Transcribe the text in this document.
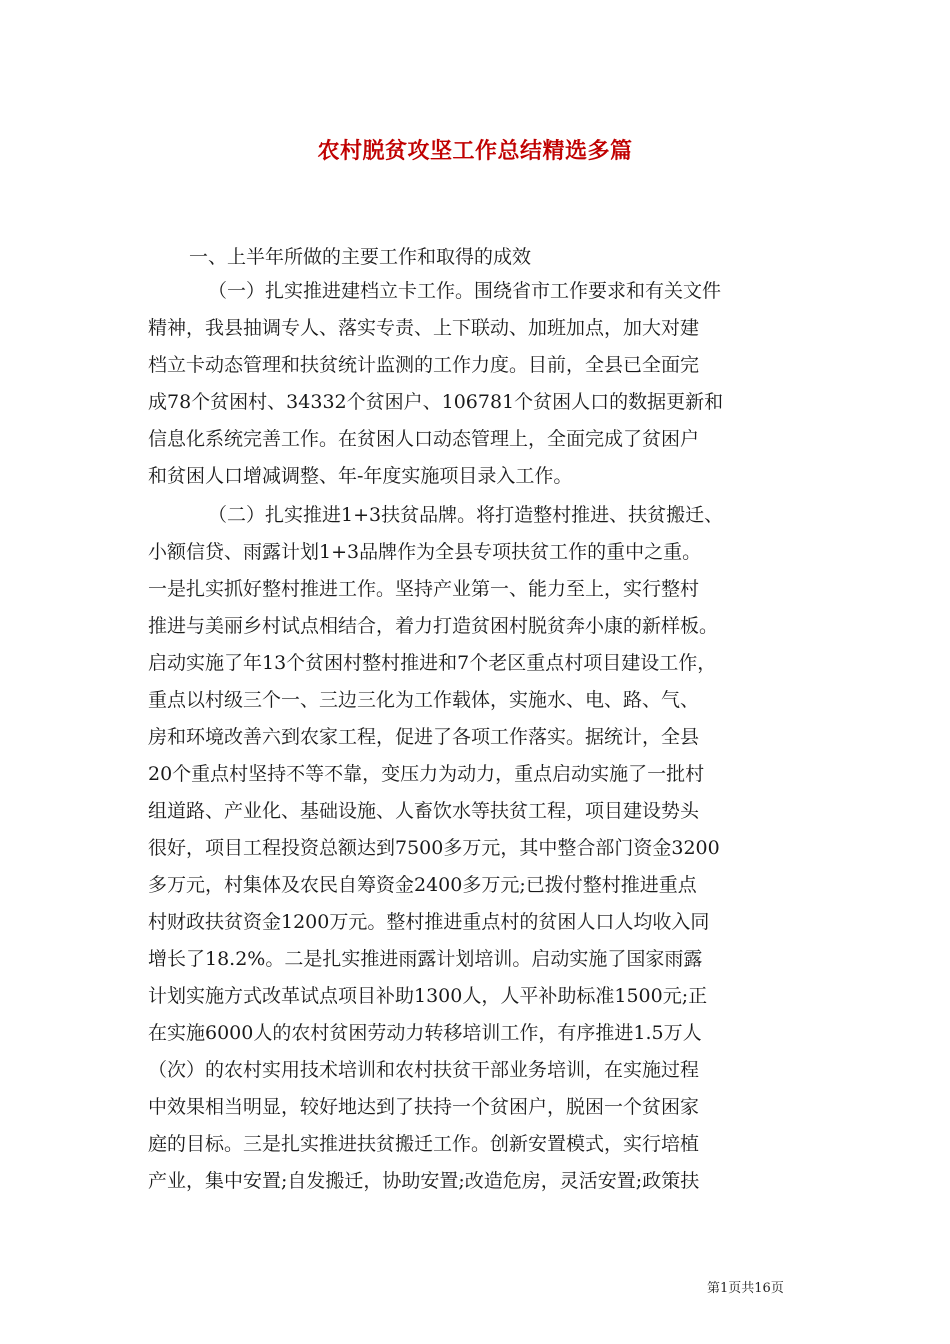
农村脱贫攻坚工作总结精选多篇
一、上半年所做的主要工作和取得的成效
（一）扎实推进建档立卡工作。围绕省市工作要求和有关文件
精神，我县抽调专人、落实专责、上下联动、加班加点，加大对建
档立卡动态管理和扶贫统计监测的工作力度。目前，全县已全面完
成78个贫困村、34332个贫困户、106781个贫困人口的数据更新和
信息化系统完善工作。在贫困人口动态管理上，全面完成了贫困户
和贫困人口增减调整、年-年度实施项目录入工作。
（二）扎实推进1+3扶贫品牌。将打造整村推进、扶贫搬迁、
小额信贷、雨露计划1+3品牌作为全县专项扶贫工作的重中之重。
一是扎实抓好整村推进工作。坚持产业第一、能力至上，实行整村
推进与美丽乡村试点相结合，着力打造贫困村脱贫奔小康的新样板。
启动实施了年13个贫困村整村推进和7个老区重点村项目建设工作，
重点以村级三个一、三边三化为工作载体，实施水、电、路、气、
房和环境改善六到农家工程，促进了各项工作落实。据统计，全县
20个重点村坚持不等不靠，变压力为动力，重点启动实施了一批村
组道路、产业化、基础设施、人畜饮水等扶贫工程，项目建设势头
很好，项目工程投资总额达到7500多万元，其中整合部门资金3200
多万元，村集体及农民自筹资金2400多万元;已拨付整村推进重点
村财政扶贫资金1200万元。整村推进重点村的贫困人口人均收入同
增长了18.2%。二是扎实推进雨露计划培训。启动实施了国家雨露
计划实施方式改革试点项目补助1300人，人平补助标准1500元;正
在实施6000人的农村贫困劳动力转移培训工作，有序推进1.5万人
（次）的农村实用技术培训和农村扶贫干部业务培训，在实施过程
中效果相当明显，较好地达到了扶持一个贫困户，脱困一个贫困家
庭的目标。三是扎实推进扶贫搬迁工作。创新安置模式，实行培植
产业，集中安置;自发搬迁，协助安置;改造危房，灵活安置;政策扶
第1页共16页
